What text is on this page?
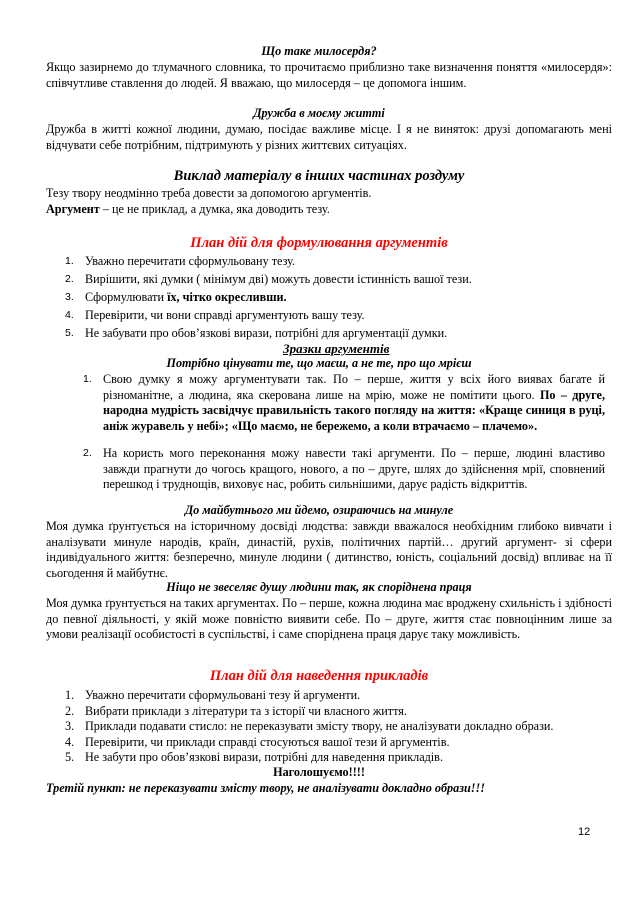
Що таке милосердя?
Якщо зазирнемо до тлумачного словника, то прочитаємо приблизно таке визначення поняття «милосердя»: співчутливе ставлення до людей. Я вважаю, що милосердя – це допомога іншим.
Дружба в моєму житті
Дружба в житті кожної людини, думаю, посідає важливе місце. І я не виняток: друзі допомагають мені відчувати себе потрібним, підтримують у різних життєвих ситуаціях.
Виклад матеріалу в інших частинах роздуму
Тезу твору неодмінно треба довести за допомогою аргументів.
Аргумент – це не приклад, а думка, яка доводить тезу.
План дій для формулювання аргументів
1. Уважно перечитати сформульовану тезу.
2. Вирішити, які думки ( мінімум дві) можуть довести істинність вашої тези.
3. Сформулювати їх, чітко окресливши.
4. Перевірити, чи вони справді аргументують вашу тезу.
5. Не забувати про обов’язкові вирази, потрібні для аргументації думки.
Зразки аргументів
Потрібно цінувати те, що маєш, а не те, про що мрієш
1. Свою думку я можу аргументувати так. По – перше, життя у всіх його виявах багате й різноманітне, а людина, яка скерована лише на мрію, може не помітити цього. По – друге, народна мудрість засвідчує правильність такого погляду на життя: «Краще синиця в руці, аніж журавель у небі»; «Що маємо, не бережемо, а коли втрачаємо – плачемо».
2. На користь мого переконання можу навести такі аргументи. По – перше, людині властиво завжди прагнути до чогось кращого, нового, а по – друге, шлях до здійснення мрії, сповнений перешкод і труднощів, виховує нас, робить сильнішими, дарує радість відкриттів.
До майбутнього ми йдемо, озираючись на минуле
Моя думка ґрунтується на історичному досвіді людства: завжди вважалося необхідним глибоко вивчати і аналізувати минуле народів, країн, династій, рухів, політичних партій… другий аргумент- зі сфери індивідуального життя: безперечно, минуле людини ( дитинство, юність, соціальний досвід) впливає на її сьогодення й майбутнє.
Ніщо не звеселяє душу людини так, як споріднена праця
Моя думка ґрунтується на таких аргументах. По – перше, кожна людина має вроджену схильність і здібності до певної діяльності, у якій може повністю виявити себе. По – друге, життя стає повноцінним лише за умови реалізації особистості в суспільстві, і саме споріднена праця дарує таку можливість.
План дій для наведення прикладів
1. Уважно перечитати сформульовані тезу й аргументи.
2. Вибрати приклади з літератури та з історії чи власного життя.
3. Приклади подавати стисло: не переказувати змісту твору, не аналізувати докладно образи.
4. Перевірити, чи приклади справді стосуються вашої тези й аргументів.
5. Не забути про обов’язкові вирази, потрібні для наведення прикладів.
Наголошуємо!!!!
Третій пункт: не переказувати змісту твору, не аналізувати докладно образи!!!
12
